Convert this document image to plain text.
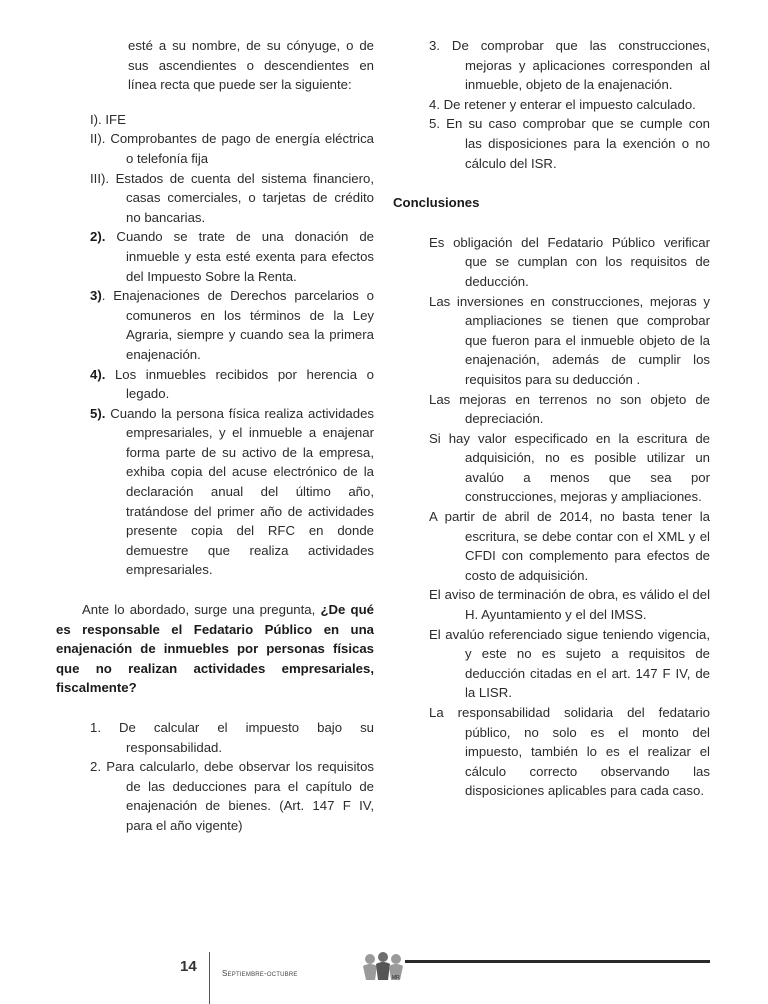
esté a su nombre, de su cónyuge, o de sus ascendientes o descendientes en línea recta que puede ser la siguiente:

I). IFE

II). Comprobantes de pago de energía eléctrica o telefonía fija

III). Estados de cuenta del sistema financiero, casas comerciales, o tarjetas de crédito no bancarias.

2). Cuando se trate de una donación de inmueble y esta esté exenta para efectos del Impuesto Sobre la Renta.

3). Enajenaciones de Derechos parcelarios o comuneros en los términos de la Ley Agraria, siempre y cuando sea la primera enajenación.

4). Los inmuebles recibidos por herencia o legado.

5). Cuando la persona física realiza actividades empresariales, y el inmueble a enajenar forma parte de su activo de la empresa, exhiba copia del acuse electrónico de la declaración anual del último año, tratándose del primer año de actividades presente copia del RFC en donde demuestre que realiza actividades empresariales.

Ante lo abordado, surge una pregunta, ¿De qué es responsable el Fedatario Público en una enajenación de inmuebles por personas físicas que no realizan actividades empresariales, fiscalmente?

1. De calcular el impuesto bajo su responsabilidad.

2. Para calcularlo, debe observar los requisitos de las deducciones para el capítulo de enajenación de bienes. (Art. 147 F IV, para el año vigente)

3. De comprobar que las construcciones, mejoras y aplicaciones corresponden al inmueble, objeto de la enajenación.

4. De retener y enterar el impuesto calculado.

5. En su caso comprobar que se cumple con las disposiciones para la exención o no cálculo del ISR.

Conclusiones

Es obligación del Fedatario Público verificar que se cumplan con los requisitos de deducción.

Las inversiones en construcciones, mejoras y ampliaciones se tienen que comprobar que fueron para el inmueble objeto de la enajenación, además de cumplir los requisitos para su deducción .

Las mejoras en terrenos no son objeto de depreciación.

Si hay valor especificado en la escritura de adquisición, no es posible utilizar un avalúo a menos que sea por construcciones, mejoras y ampliaciones.

A partir de abril de 2014, no basta tener la escritura, se debe contar con el XML y el CFDI con complemento para efectos de costo de adquisición.

El aviso de terminación de obra, es válido el del H. Ayuntamiento y el del IMSS.

El avalúo referenciado sigue teniendo vigencia, y este no es sujeto a requisitos de deducción citadas en el art. 147 F IV, de la LISR.

La responsabilidad solidaria del fedatario público, no solo es el monto del impuesto, también lo es el realizar el cálculo correcto observando las disposiciones aplicables para cada caso.

14	Septiembre-octubre	MR
